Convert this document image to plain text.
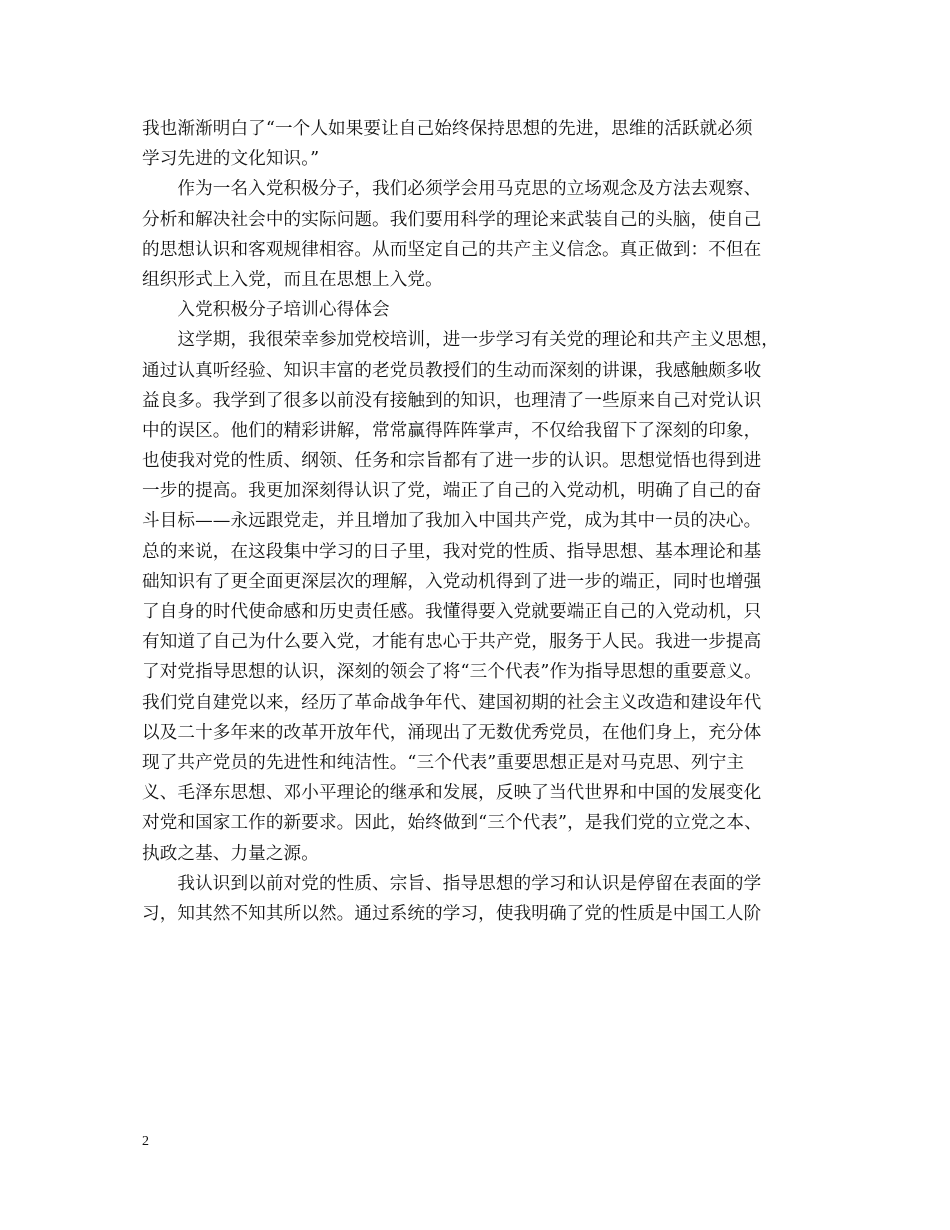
我也渐渐明白了“一个人如果要让自己始终保持思想的先进，思维的活跃就必须
学习先进的文化知识。”
　　作为一名入党积极分子，我们必须学会用马克思的立场观念及方法去观察、
分析和解决社会中的实际问题。我们要用科学的理论来武装自己的头脑，使自己
的思想认识和客观规律相容。从而坚定自己的共产主义信念。真正做到：不但在
组织形式上入党，而且在思想上入党。
　　入党积极分子培训心得体会
　　这学期，我很荣幸参加党校培训，进一步学习有关党的理论和共产主义思想，
通过认真听经验、知识丰富的老党员教授们的生动而深刻的讲课，我感触颇多收
益良多。我学到了很多以前没有接触到的知识，也理清了一些原来自己对党认识
中的误区。他们的精彩讲解，常常赢得阵阵掌声，不仅给我留下了深刻的印象，
也使我对党的性质、纲领、任务和宗旨都有了进一步的认识。思想觉悟也得到进
一步的提高。我更加深刻得认识了党，端正了自己的入党动机，明确了自己的奋
斗目标——永远跟党走，并且增加了我加入中国共产党，成为其中一员的决心。
总的来说，在这段集中学习的日子里，我对党的性质、指导思想、基本理论和基
础知识有了更全面更深层次的理解，入党动机得到了进一步的端正，同时也增强
了自身的时代使命感和历史责任感。我懂得要入党就要端正自己的入党动机，只
有知道了自己为什么要入党，才能有忠心于共产党，服务于人民。我进一步提高
了对党指导思想的认识，深刻的领会了将“三个代表”作为指导思想的重要意义。
我们党自建党以来，经历了革命战争年代、建国初期的社会主义改造和建设年代
以及二十多年来的改革开放年代，涌现出了无数优秀党员，在他们身上，充分体
现了共产党员的先进性和纯洁性。“三个代表”重要思想正是对马克思、列宁主
义、毛泽东思想、邓小平理论的继承和发展，反映了当代世界和中国的发展变化
对党和国家工作的新要求。因此，始终做到“三个代表”，是我们党的立党之本、
执政之基、力量之源。
　　我认识到以前对党的性质、宗旨、指导思想的学习和认识是停留在表面的学
习，知其然不知其所以然。通过系统的学习，使我明确了党的性质是中国工人阶
2
